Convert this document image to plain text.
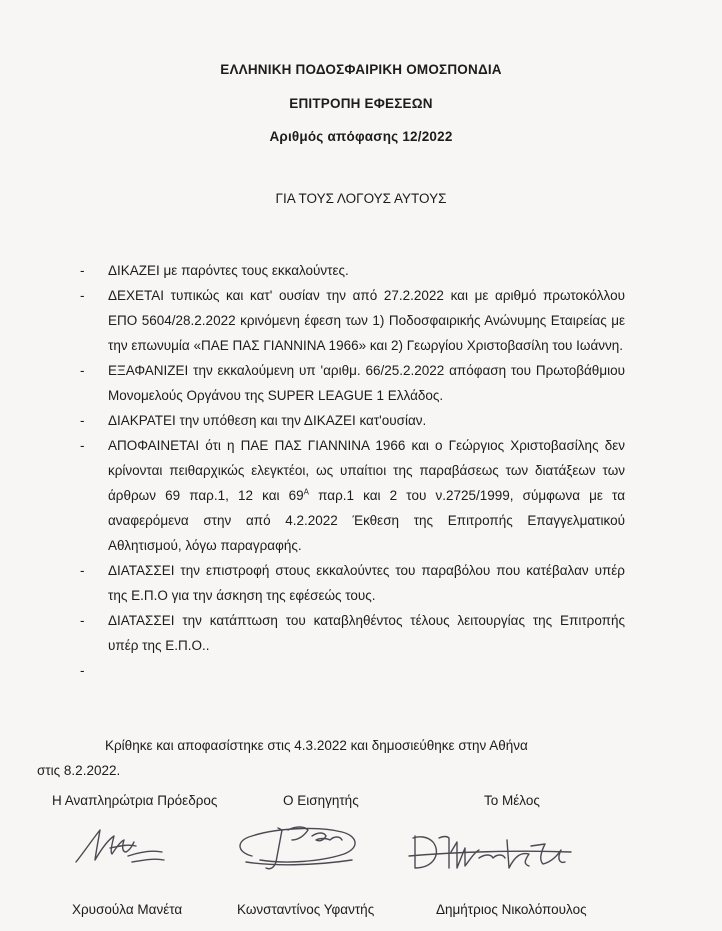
ΕΛΛΗΝΙΚΗ ΠΟΔΟΣΦΑΙΡΙΚΗ ΟΜΟΣΠΟΝΔΙΑ
ΕΠΙΤΡΟΠΗ ΕΦΕΣΕΩΝ
Αριθμός απόφασης 12/2022
ΓΙΑ ΤΟΥΣ ΛΟΓΟΥΣ ΑΥΤΟΥΣ
- ΔΙΚΑΖΕΙ με παρόντες τους εκκαλούντες.
- ΔΕΧΕΤΑΙ τυπικώς και κατ' ουσίαν την από 27.2.2022 και με αριθμό πρωτοκόλλου ΕΠΟ 5604/28.2.2022 κρινόμενη έφεση των 1) Ποδοσφαιρικής Ανώνυμης Εταιρείας με την επωνυμία «ΠΑΕ ΠΑΣ ΓΙΑΝΝΙΝΑ 1966» και 2) Γεωργίου Χριστοβασίλη του Ιωάννη.
- ΕΞΑΦΑΝΙΖΕΙ την εκκαλούμενη υπ 'αριθμ. 66/25.2.2022 απόφαση του Πρωτοβάθμιου Μονομελούς Οργάνου της SUPER LEAGUE 1 Ελλάδος.
- ΔΙΑΚΡΑΤΕΙ την υπόθεση και την ΔΙΚΑΖΕΙ κατ'ουσίαν.
- ΑΠΟΦΑΙΝΕΤΑΙ ότι η ΠΑΕ ΠΑΣ ΓΙΑΝΝΙΝΑ 1966 και ο Γεώργιος Χριστοβασίλης δεν κρίνονται πειθαρχικώς ελεγκτέοι, ως υπαίτιοι της παραβάσεως των διατάξεων των άρθρων 69 παρ.1, 12 και $69^A$ παρ.1 και 2 του ν.2725/1999, σύμφωνα με τα αναφερόμενα στην από 4.2.2022 Έκθεση της Επιτροπής Επαγγελματικού Αθλητισμού, λόγω παραγραφής.
- ΔΙΑΤΑΣΣΕΙ την επιστροφή στους εκκαλούντες του παραβόλου που κατέβαλαν υπέρ της Ε.Π.Ο για την άσκηση της εφέσεώς τους.
- ΔΙΑΤΑΣΣΕΙ την κατάπτωση του καταβληθέντος τέλους λειτουργίας της Επιτροπής υπέρ της Ε.Π.Ο..
-

Κρίθηκε και αποφασίστηκε στις 4.3.2022 και δημοσιεύθηκε στην Αθήνα
στις 8.2.2022.
Η Αναπληρώτρια Πρόεδρος	Ο Εισηγητής	Το Μέλος
Χρυσούλα Μανέτα	Κωνσταντίνος Υφαντής	Δημήτριος Νικολόπουλος
